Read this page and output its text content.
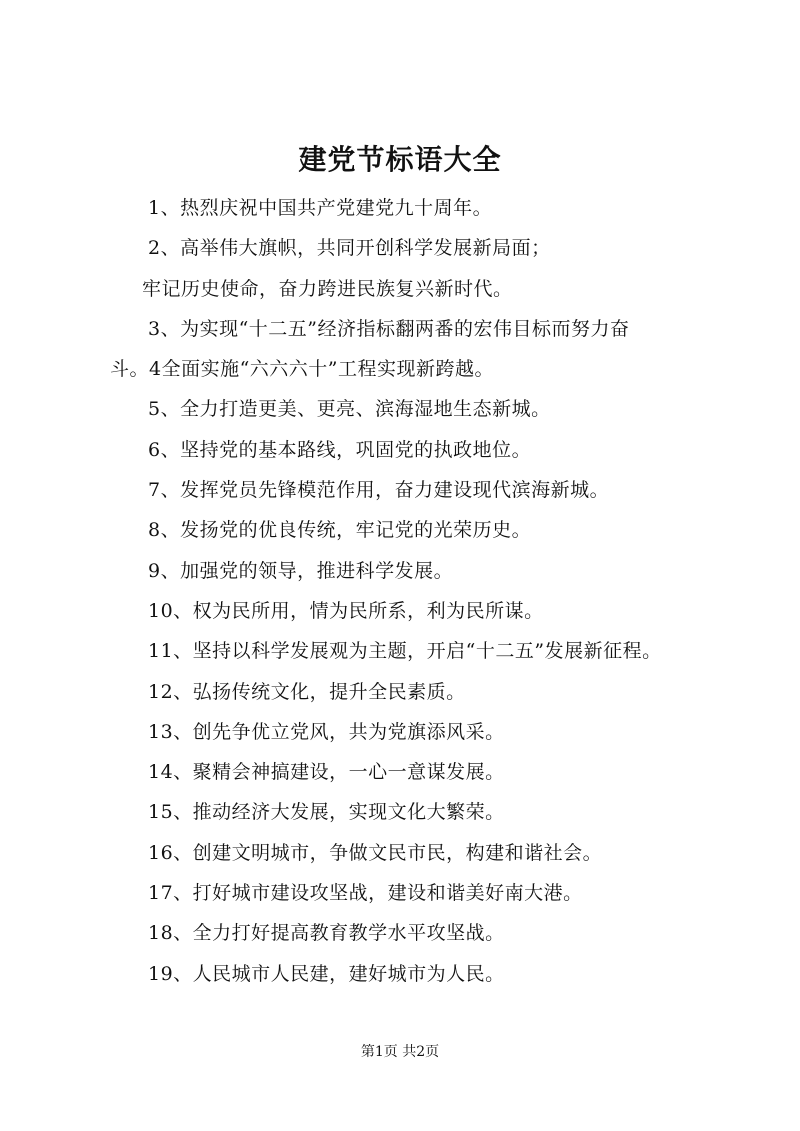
建党节标语大全
1、热烈庆祝中国共产党建党九十周年。
2、高举伟大旗帜，共同开创科学发展新局面；
牢记历史使命，奋力跨进民族复兴新时代。
3、为实现“十二五”经济指标翻两番的宏伟目标而努力奋
斗。4全面实施“六六六十”工程实现新跨越。
5、全力打造更美、更亮、滨海湿地生态新城。
6、坚持党的基本路线，巩固党的执政地位。
7、发挥党员先锋模范作用，奋力建设现代滨海新城。
8、发扬党的优良传统，牢记党的光荣历史。
9、加强党的领导，推进科学发展。
10、权为民所用，情为民所系，利为民所谋。
11、坚持以科学发展观为主题，开启“十二五”发展新征程。
12、弘扬传统文化，提升全民素质。
13、创先争优立党风，共为党旗添风采。
14、聚精会神搞建设，一心一意谋发展。
15、推动经济大发展，实现文化大繁荣。
16、创建文明城市，争做文民市民，构建和谐社会。
17、打好城市建设攻坚战，建设和谐美好南大港。
18、全力打好提高教育教学水平攻坚战。
19、人民城市人民建，建好城市为人民。
第1页 共2页
